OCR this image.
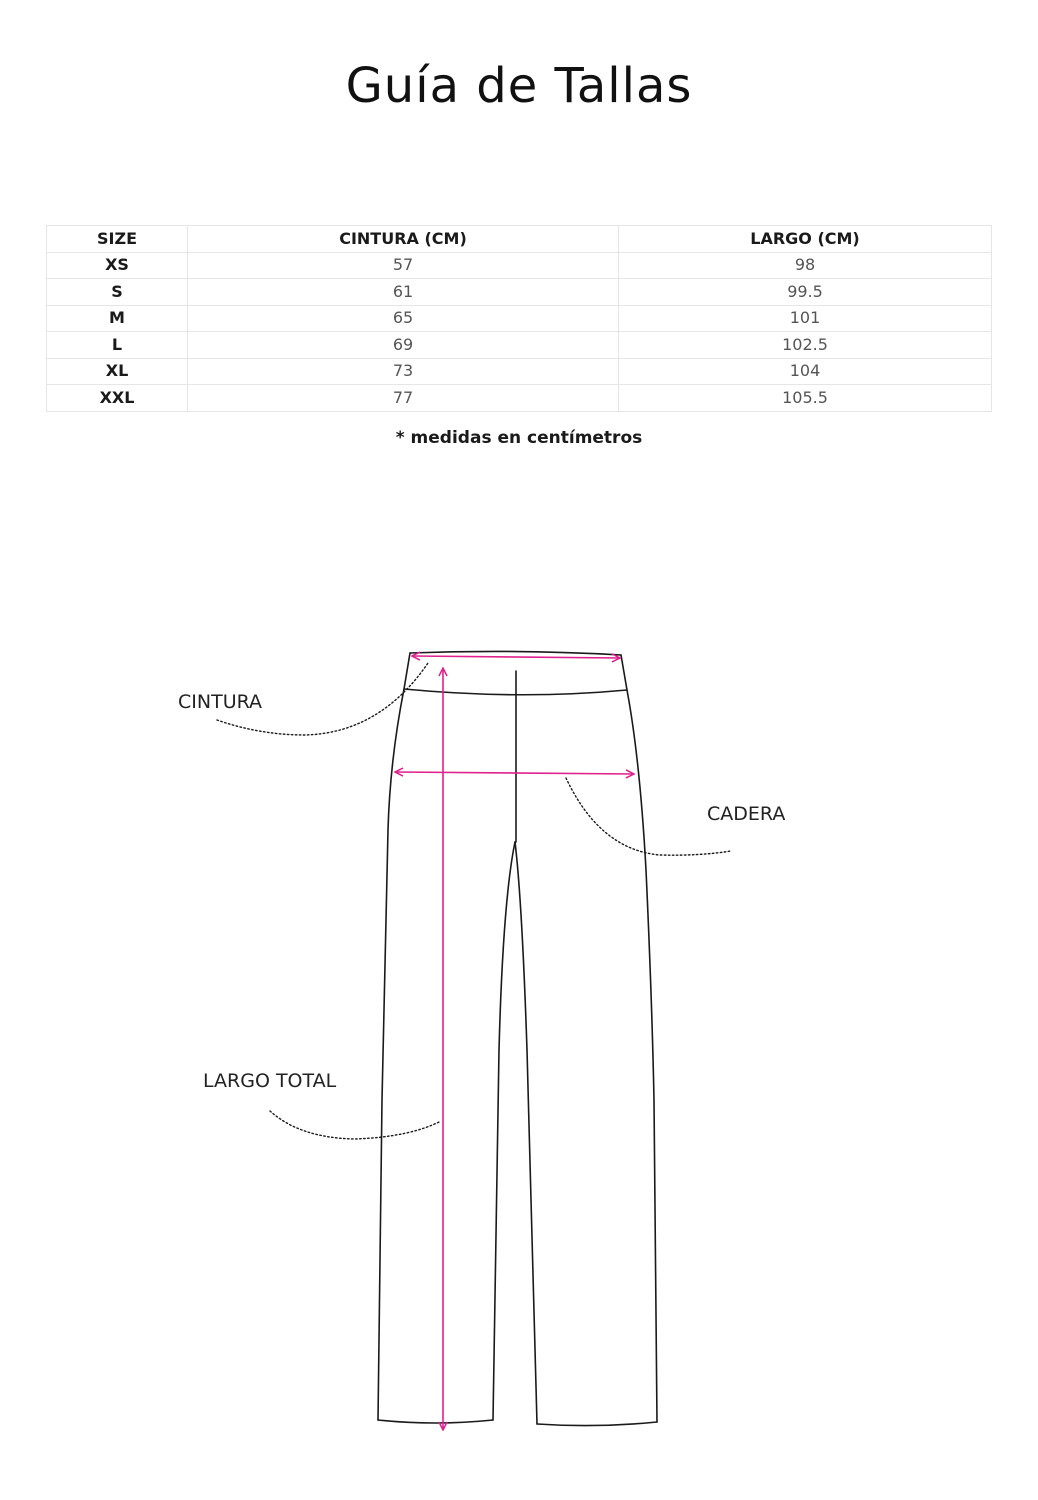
Guía de Tallas
SIZE	CINTURA (CM)	LARGO (CM)
XS	57	98
S	61	99.5
M	65	101
L	69	102.5
XL	73	104
XXL	77	105.5
* medidas en centímetros
CINTURA
CADERA
LARGO TOTAL
